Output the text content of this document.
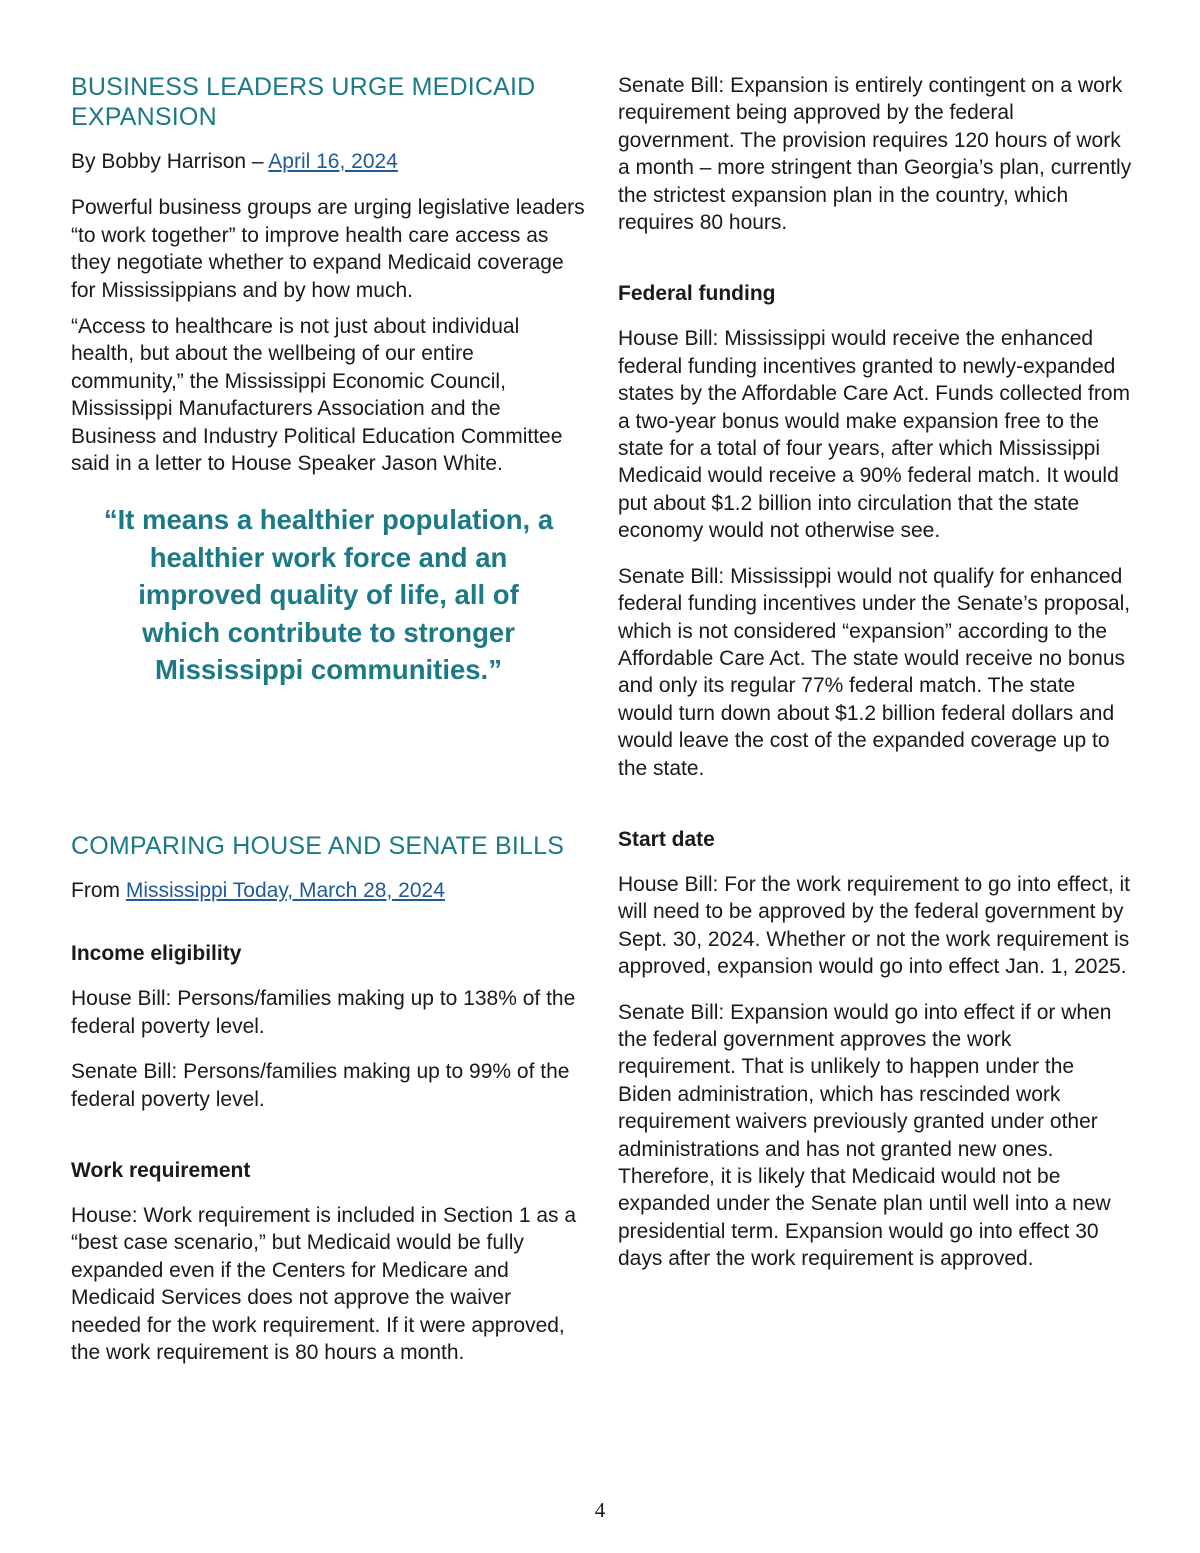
BUSINESS LEADERS URGE MEDICAID EXPANSION

By Bobby Harrison – April 16, 2024

Powerful business groups are urging legislative leaders “to work together” to improve health care access as they negotiate whether to expand Medicaid coverage for Mississippians and by how much.

“Access to healthcare is not just about individual health, but about the wellbeing of our entire community,” the Mississippi Economic Council, Mississippi Manufacturers Association and the Business and Industry Political Education Committee said in a letter to House Speaker Jason White.

“It means a healthier population, a healthier work force and an improved quality of life, all of which contribute to stronger Mississippi communities.”
COMPARING HOUSE AND SENATE BILLS

From Mississippi Today, March 28, 2024

Income eligibility

House Bill: Persons/families making up to 138% of the federal poverty level.

Senate Bill: Persons/families making up to 99% of the federal poverty level.

Work requirement

House: Work requirement is included in Section 1 as a “best case scenario,” but Medicaid would be fully expanded even if the Centers for Medicare and Medicaid Services does not approve the waiver needed for the work requirement. If it were approved, the work requirement is 80 hours a month.

Senate Bill: Expansion is entirely contingent on a work requirement being approved by the federal government. The provision requires 120 hours of work a month – more stringent than Georgia’s plan, currently the strictest expansion plan in the country, which requires 80 hours.

Federal funding

House Bill: Mississippi would receive the enhanced federal funding incentives granted to newly-expanded states by the Affordable Care Act. Funds collected from a two-year bonus would make expansion free to the state for a total of four years, after which Mississippi Medicaid would receive a 90% federal match. It would put about $1.2 billion into circulation that the state economy would not otherwise see.

Senate Bill: Mississippi would not qualify for enhanced federal funding incentives under the Senate’s proposal, which is not considered “expansion” according to the Affordable Care Act. The state would receive no bonus and only its regular 77% federal match. The state would turn down about $1.2 billion federal dollars and would leave the cost of the expanded coverage up to the state.

Start date

House Bill: For the work requirement to go into effect, it will need to be approved by the federal government by Sept. 30, 2024. Whether or not the work requirement is approved, expansion would go into effect Jan. 1, 2025.

Senate Bill: Expansion would go into effect if or when the federal government approves the work requirement. That is unlikely to happen under the Biden administration, which has rescinded work requirement waivers previously granted under other administrations and has not granted new ones. Therefore, it is likely that Medicaid would not be expanded under the Senate plan until well into a new presidential term. Expansion would go into effect 30 days after the work requirement is approved.

4
